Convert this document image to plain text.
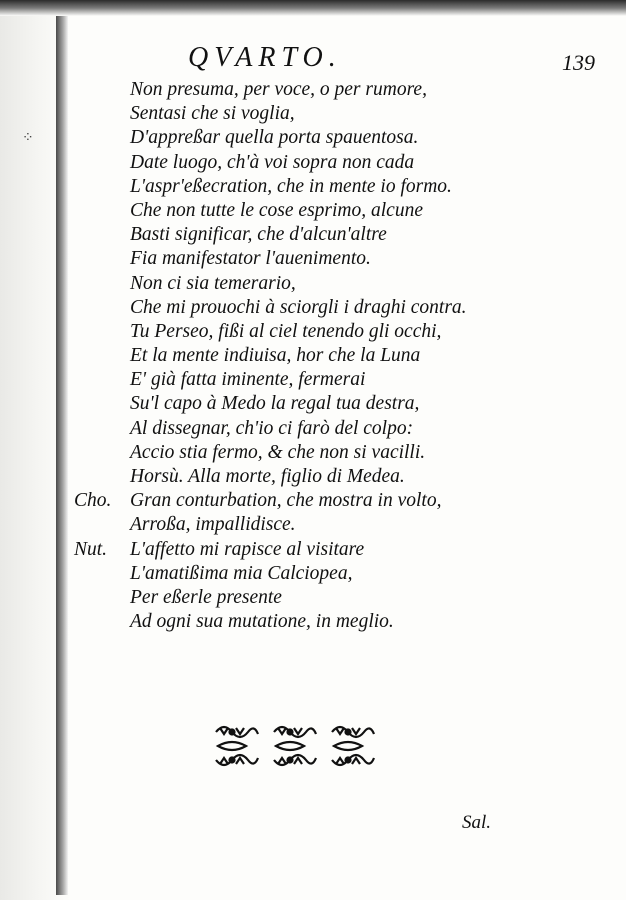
⁘
QVARTO.	139
Non presuma, per voce, o per rumore,
Sentasi che si voglia,
D'appreßar quella porta spauentosa.
Date luogo, ch'à voi sopra non cada
L'aspr'eßecration, che in mente io formo.
Che non tutte le cose esprimo, alcune
Basti significar, che d'alcun'altre
Fia manifestator l'auenimento.
Non ci sia temerario,
Che mi prouochi à sciorgli i draghi contra.
Tu Perseo, fißi al ciel tenendo gli occhi,
Et la mente indiuisa, hor che la Luna
E' già fatta iminente, fermerai
Su'l capo à Medo la regal tua destra,
Al dissegnar, ch'io ci farò del colpo:
Accio stia fermo, & che non si vacilli.
Horsù. Alla morte, figlio di Medea.
Cho. Gran conturbation, che mostra in volto,
Arroßa, impallidisce.
Nut. L'affetto mi rapisce al visitare
L'amatißima mia Calciopea,
Per eßerle presente
Ad ogni sua mutatione, in meglio.
Sal.
